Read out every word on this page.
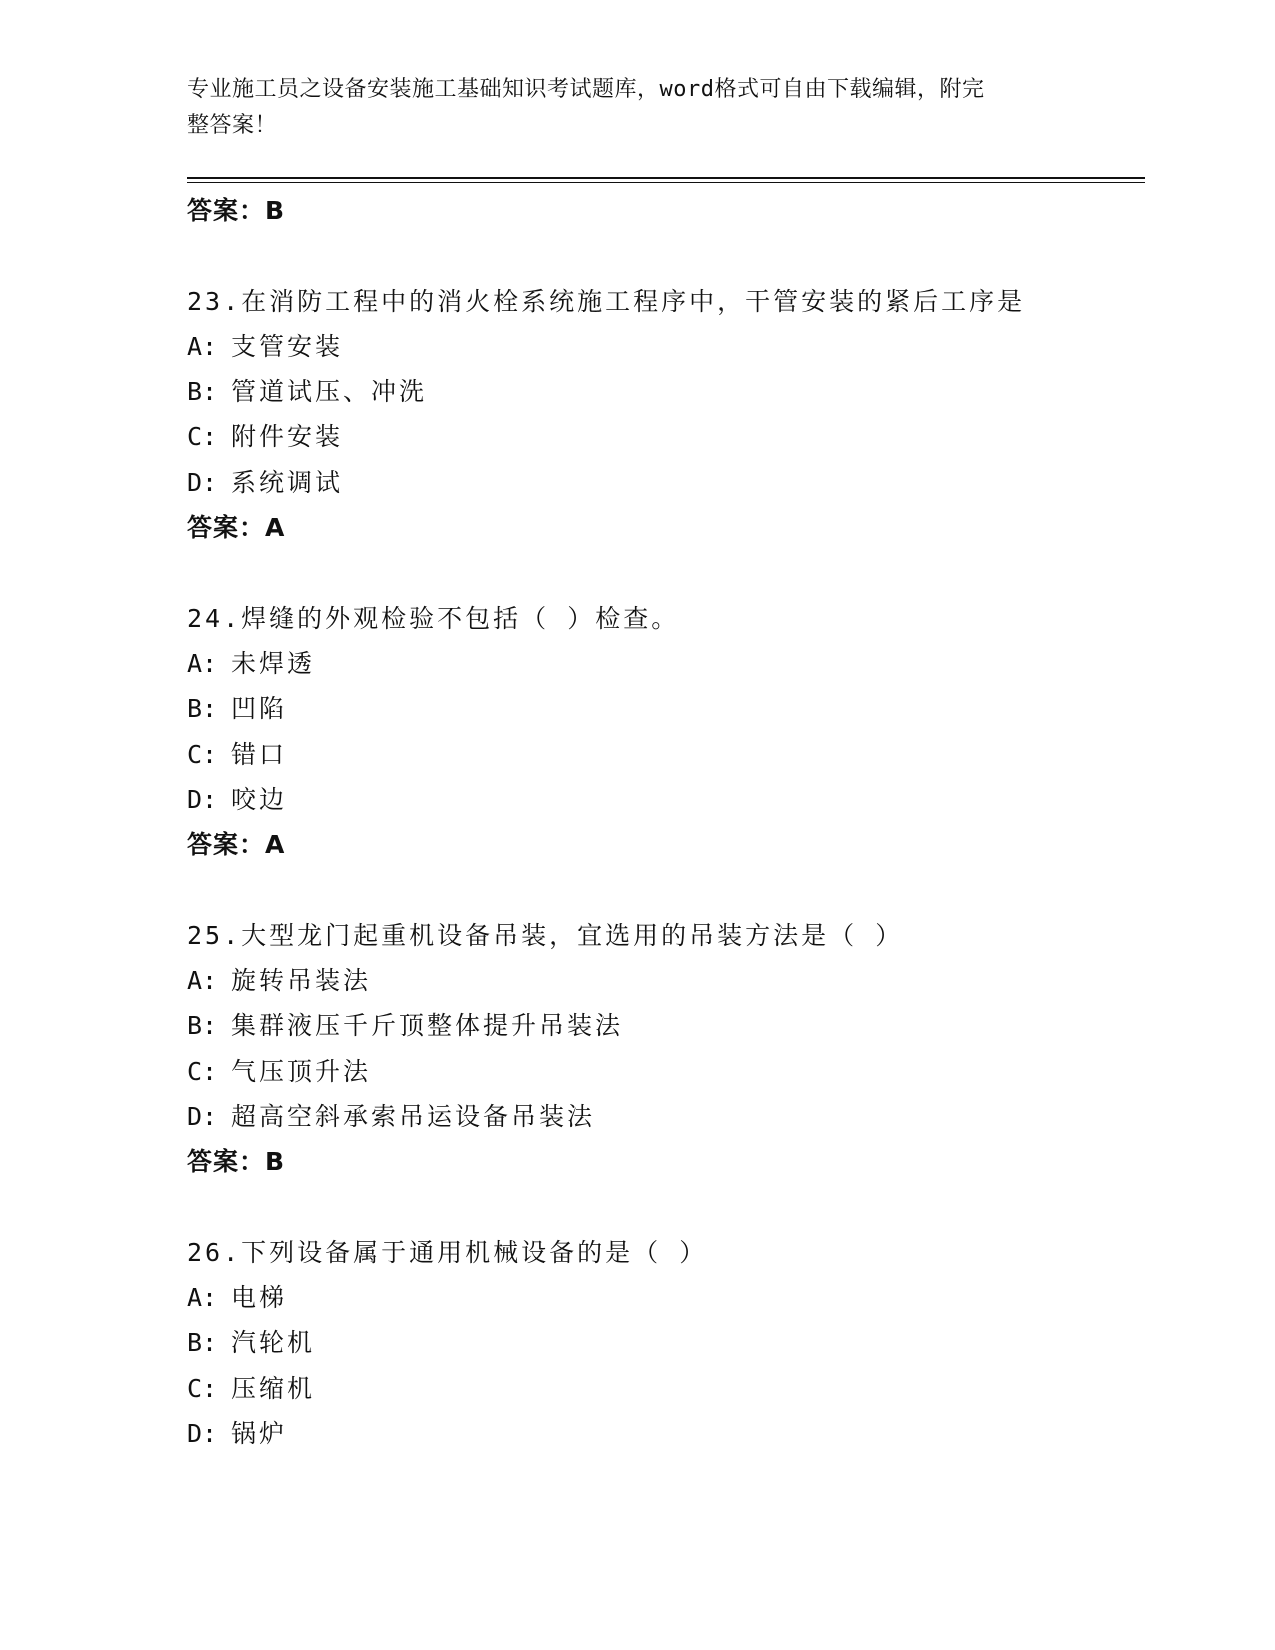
专业施工员之设备安装施工基础知识考试题库，word格式可自由下载编辑，附完
整答案！
答案：B
23.在消防工程中的消火栓系统施工程序中，干管安装的紧后工序是
A: 支管安装
B: 管道试压、冲洗
C: 附件安装
D: 系统调试
答案：A
24.焊缝的外观检验不包括（ ）检查。
A: 未焊透
B: 凹陷
C: 错口
D: 咬边
答案：A
25.大型龙门起重机设备吊装，宜选用的吊装方法是（ ）
A: 旋转吊装法
B: 集群液压千斤顶整体提升吊装法
C: 气压顶升法
D: 超高空斜承索吊运设备吊装法
答案：B
26.下列设备属于通用机械设备的是（ ）
A: 电梯
B: 汽轮机
C: 压缩机
D: 锅炉
